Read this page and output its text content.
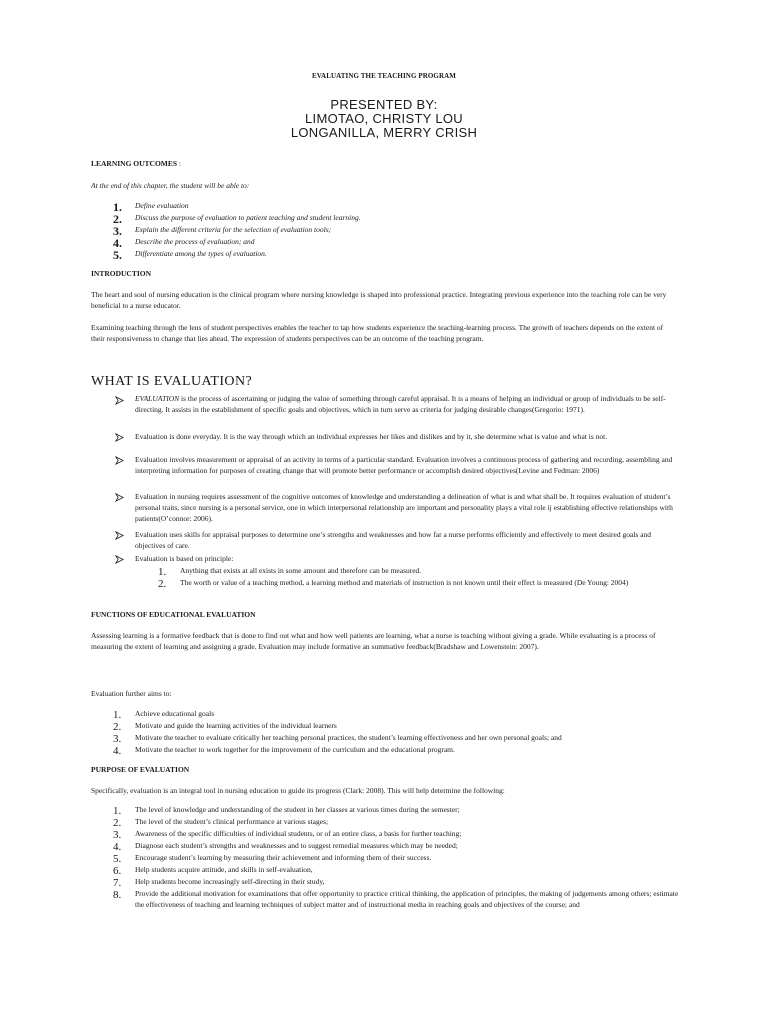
EVALUATING THE TEACHING PROGRAM
PRESENTED BY:
LIMOTAO, CHRISTY LOU
LONGANILLA, MERRY CRISH
LEARNING OUTCOMES :
At the end of this chapter, the student will be able to:
1. Define evaluation
2. Discuss the purpose of evaluation to patient teaching and student learning.
3. Explain the different criteria for the selection of evaluation tools;
4. Describe the process of evaluation; and
5. Differentiate among the types of evaluation.
INTRODUCTION
The heart and soul of nursing education is the clinical program where nursing knowledge is shaped into professional practice. Integrating previous experience into the teaching role can be very beneficial to a nurse educator.
Examining teaching through the lens of student perspectives enables the teacher to tap how students experience the teaching-learning process. The growth of teachers depends on the extent of their responsiveness to change that lies ahead. The expression of students perspectives can be an outcome of the teaching program.
WHAT IS EVALUATION?
EVALUATION is the process of ascertaining or judging the value of something through careful appraisal. It is a means of helping an individual or group of individuals to be self-directing. It assists in the establishment of specific goals and objectives, which in turn serve as criteria for judging desirable changes(Gregorio: 1971).
Evaluation is done everyday. It is the way through which an individual expresses her likes and dislikes and by it, she determine what is value and what is not.
Evaluation involves measurement or appraisal of an activity in terms of a particular standard. Evaluation involves a continuous process of gathering and recording, assembling and interpreting information for purposes of creating change that will promote better performance or accomplish desired objectives(Levine and Fedman: 2006)
Evaluation in nursing requires assessment of the cognitive outcomes of knowledge and understanding a delineation of what is and what shall be. It requires evaluation of student’s personal traits, since nursing is a personal service, one in which interpersonal relationship are important and personality plays a vital role ij establishing effective relationships with patients(O’connor: 2006).
Evaluation uses skills for appraisal purposes to determine one’s strengths and weaknesses and how far a nurse performs efficiently and effectively to meet desired goals and objectives of care.
Evaluation is based on principle:
1. Anything that exists at all exists in some amount and therefore can be measured.
2. The worth or value of a teaching method, a learning method and materials of instruction is not known until their effect is measured (De Young: 2004)
FUNCTIONS OF EDUCATIONAL EVALUATION
Assessing learning is a formative feedback that is done to find out what and how well patients are learning, what a nurse is teaching without giving a grade. While evaluating is a process of measuring the extent of learning and assigning a grade. Evaluation may include formative an summative feedback(Bradshaw and Lowenstein: 2007).
Evaluation further aims to:
1. Achieve educational goals
2. Motivate and guide the learning activities of the individual learners
3. Motivate the teacher to evaluate critically her teaching personal practices, the student’s learning effectiveness and her own personal goals; and
4. Motivate the teacher to work together for the improvement of the curriculum and the educational program.
PURPOSE OF EVALUATION
Specifically, evaluation is an integral tool in nursing education to guide its progress (Clark: 2008). This will help determine the following:
1. The level of knowledge and understanding of the student in her classes at various times during the semester;
2. The level of the student’s clinical performance at various stages;
3. Awareness of the specific difficulties of individual students, or of an entire class, a basis for further teaching;
4. Diagnose each student’s strengths and weaknesses and to suggest remedial measures which may be needed;
5. Encourage student’s learning by measuring their achievement and informing them of their success.
6. Help students acquire attitude, and skills in self-evaluation,
7. Help students become increasingly self-directing in their study,
8. Provide the additional motivation for examinations that offer opportunity to practice critical thinking, the application of principles, the making of judgements among others; estimate the effectiveness of teaching and learning techniques of subject matter and of instructional media in reaching goals and objectives of the course; and
